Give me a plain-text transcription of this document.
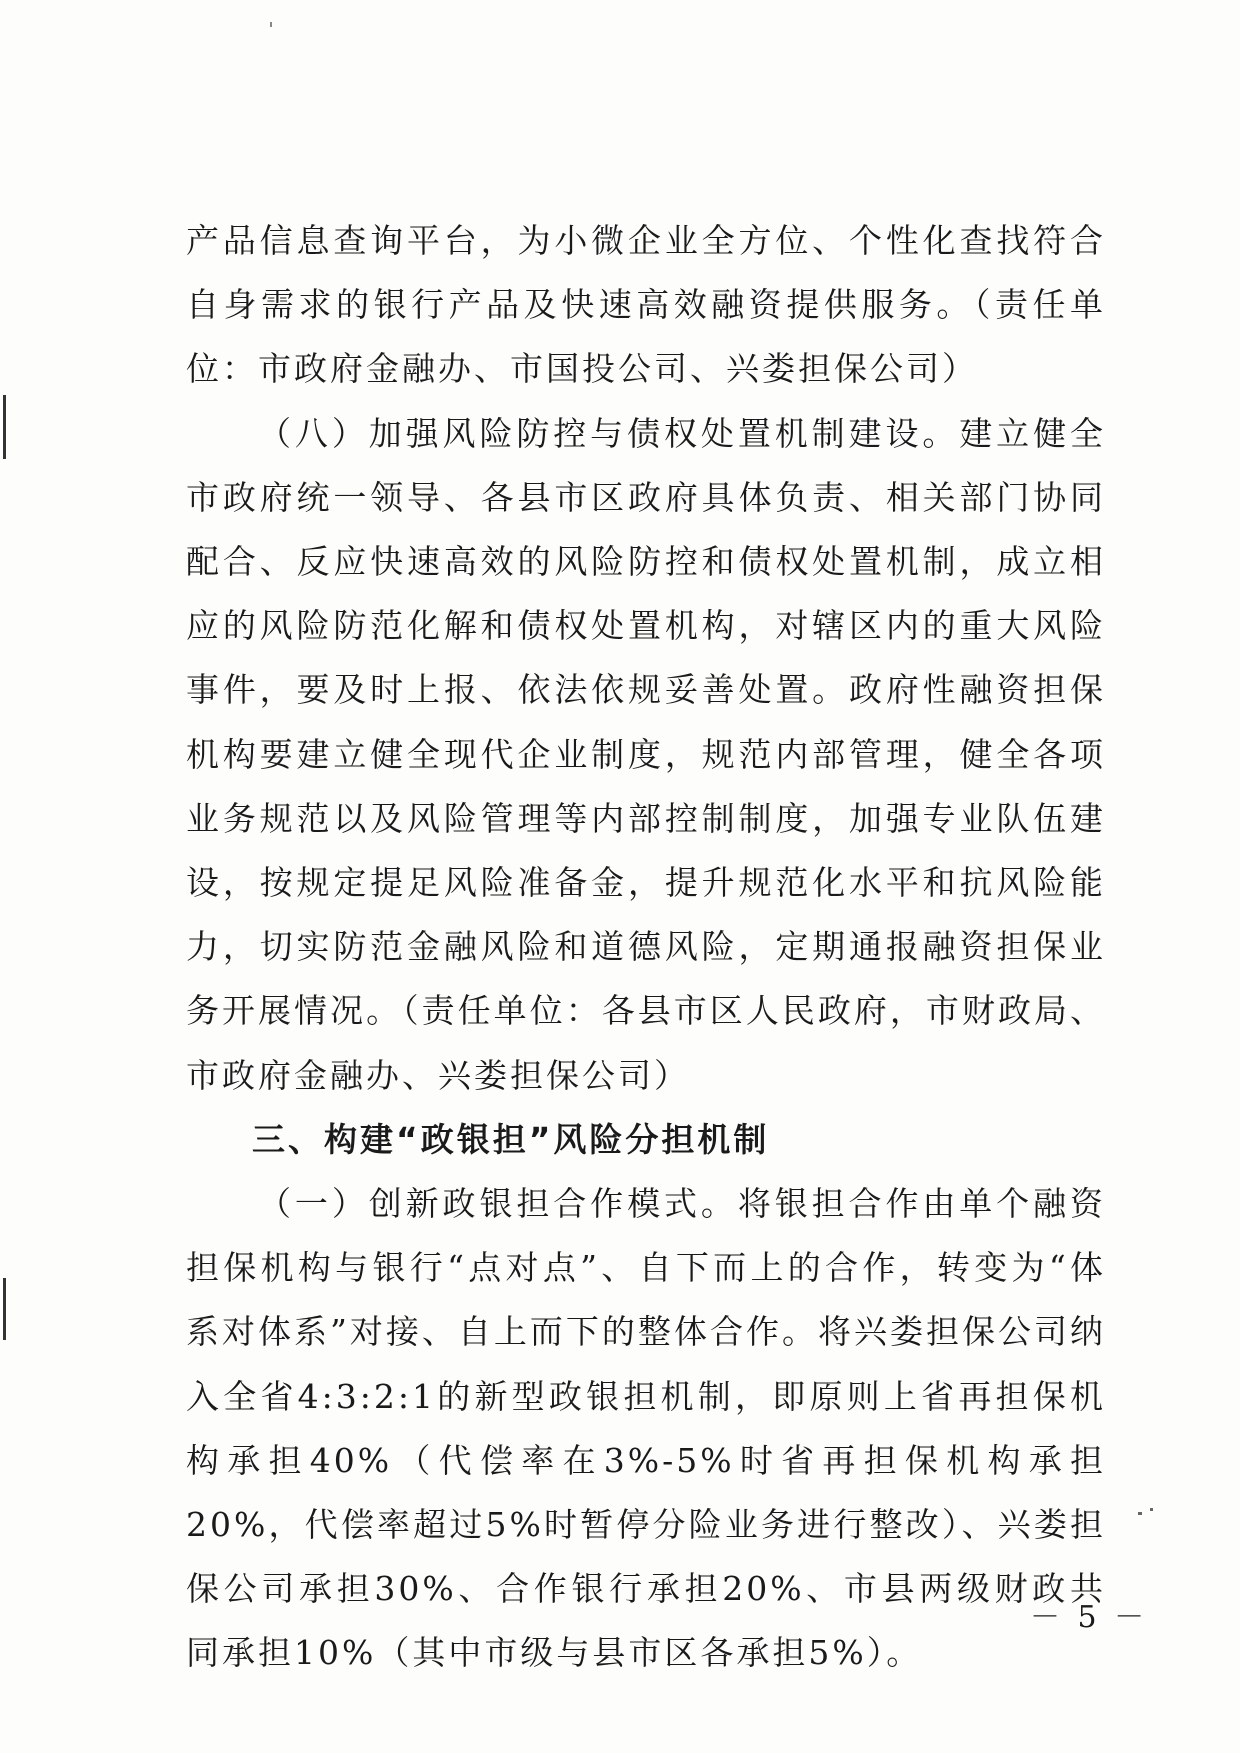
产品信息查询平台，为小微企业全方位、个性化查找符合自身需求的银行产品及快速高效融资提供服务。（责任单位：市政府金融办、市国投公司、兴娄担保公司）

（八）加强风险防控与债权处置机制建设。建立健全市政府统一领导、各县市区政府具体负责、相关部门协同配合、反应快速高效的风险防控和债权处置机制，成立相应的风险防范化解和债权处置机构，对辖区内的重大风险事件，要及时上报、依法依规妥善处置。政府性融资担保机构要建立健全现代企业制度，规范内部管理，健全各项业务规范以及风险管理等内部控制制度，加强专业队伍建设，按规定提足风险准备金，提升规范化水平和抗风险能力，切实防范金融风险和道德风险，定期通报融资担保业务开展情况。（责任单位：各县市区人民政府，市财政局、市政府金融办、兴娄担保公司）

三、构建“政银担”风险分担机制

（一）创新政银担合作模式。将银担合作由单个融资担保机构与银行“点对点”、自下而上的合作，转变为“体系对体系”对接、自上而下的整体合作。将兴娄担保公司纳入全省4:3:2:1的新型政银担机制，即原则上省再担保机构承担40%（代偿率在3%-5%时省再担保机构承担20%，代偿率超过5%时暂停分险业务进行整改）、兴娄担保公司承担30%、合作银行承担20%、市县两级财政共同承担10%（其中市级与县市区各承担5%）。

－ 5 －
